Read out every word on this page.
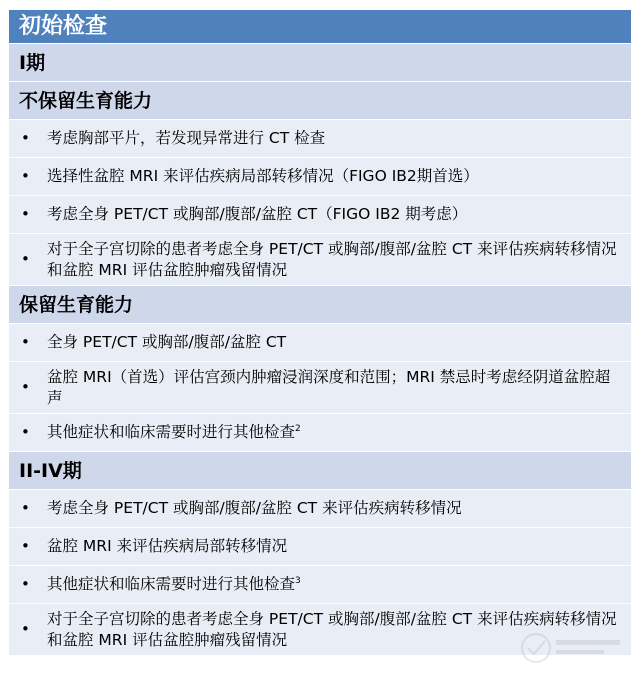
初始检查
I期
不保留生育能力
• 考虑胸部平片，若发现异常进行 CT 检查
• 选择性盆腔 MRI 来评估疾病局部转移情况（FIGO IB2期首选）
• 考虑全身 PET/CT 或胸部/腹部/盆腔 CT（FIGO IB2 期考虑）
•
对于全子宫切除的患者考虑全身 PET/CT 或胸部/腹部/盆腔 CT 来评估疾病转移情况和盆腔 MRI 评估盆腔肿瘤残留情况
保留生育能力
• 全身 PET/CT 或胸部/腹部/盆腔 CT
•
盆腔 MRI（首选）评估宫颈内肿瘤浸润深度和范围；MRI 禁忌时考虑经阴道盆腔超声
• 其他症状和临床需要时进行其他检查$^2$
II-IV期
• 考虑全身 PET/CT 或胸部/腹部/盆腔 CT 来评估疾病转移情况
• 盆腔 MRI 来评估疾病局部转移情况
• 其他症状和临床需要时进行其他检查$^3$
•
对于全子宫切除的患者考虑全身 PET/CT 或胸部/腹部/盆腔 CT 来评估疾病转移情况和盆腔 MRI 评估盆腔肿瘤残留情况
